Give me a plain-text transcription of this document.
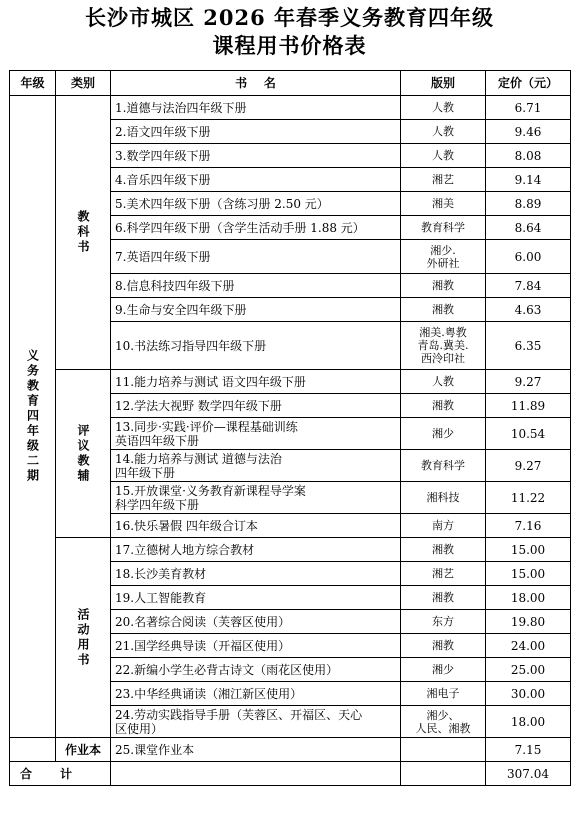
长沙市城区 2026 年春季义务教育四年级
课程用书价格表
年级	类别	书    名	版别	定价（元）

义务教育四年级二期	教科书	1.道德与法治四年级下册	人教	6.71
		2.语文四年级下册	人教	9.46
		3.数学四年级下册	人教	8.08
		4.音乐四年级下册	湘艺	9.14
		5.美术四年级下册（含练习册 2.50 元）	湘美	8.89
		6.科学四年级下册（含学生活动手册 1.88 元）	教育科学	8.64
		7.英语四年级下册	湘少.
外研社	6.00
		8.信息科技四年级下册	湘教	7.84
		9.生命与安全四年级下册	湘教	4.63
		10.书法练习指导四年级下册	湘美.粤教
青岛.冀美.
西泠印社	6.35

	评议教辅	11.能力培养与测试 语文四年级下册	人教	9.27
		12.学法大视野 数学四年级下册	湘教	11.89
		13.同步·实践·评价—课程基础训练
英语四年级下册	湘少	10.54
		14.能力培养与测试 道德与法治
四年级下册	教育科学	9.27
		15.开放课堂·义务教育新课程导学案
科学四年级下册	湘科技	11.22
		16.快乐暑假 四年级合订本	南方	7.16

	活动用书	17.立德树人地方综合教材	湘教	15.00
		18.长沙美育教材	湘艺	15.00
		19.人工智能教育	湘教	18.00
		20.名著综合阅读（芙蓉区使用）	东方	19.80
		21.国学经典导读（开福区使用）	湘教	24.00
		22.新编小学生必背古诗文（雨花区使用）	湘少	25.00
		23.中华经典诵读（湘江新区使用）	湘电子	30.00
		24.劳动实践指导手册（芙蓉区、开福区、天心
区使用）	湘少、
人民、湘教	18.00
	作业本	25.课堂作业本		7.15
合计				307.04
